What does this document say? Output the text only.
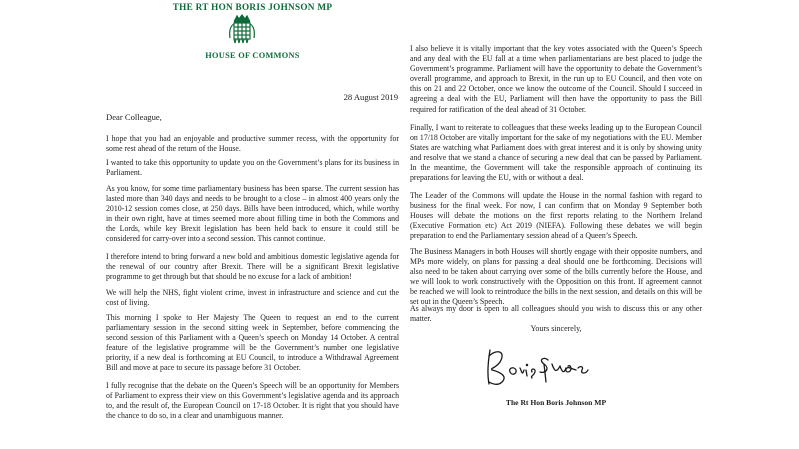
THE RT HON BORIS JOHNSON MP
HOUSE OF COMMONS
28 August 2019
Dear Colleague,

I hope that you had an enjoyable and productive summer recess, with the opportunity for some rest ahead of the return of the House.

I wanted to take this opportunity to update you on the Government’s plans for its business in Parliament.

As you know, for some time parliamentary business has been sparse. The current session has lasted more than 340 days and needs to be brought to a close – in almost 400 years only the 2010-12 session comes close, at 250 days. Bills have been introduced, which, while worthy in their own right, have at times seemed more about filling time in both the Commons and the Lords, while key Brexit legislation has been held back to ensure it could still be considered for carry-over into a second session. This cannot continue.

I therefore intend to bring forward a new bold and ambitious domestic legislative agenda for the renewal of our country after Brexit. There will be a significant Brexit legislative programme to get through but that should be no excuse for a lack of ambition!

We will help the NHS, fight violent crime, invest in infrastructure and science and cut the cost of living.

This morning I spoke to Her Majesty The Queen to request an end to the current parliamentary session in the second sitting week in September, before commencing the second session of this Parliament with a Queen’s speech on Monday 14 October. A central feature of the legislative programme will be the Government’s number one legislative priority, if a new deal is forthcoming at EU Council, to introduce a Withdrawal Agreement Bill and move at pace to secure its passage before 31 October.

I fully recognise that the debate on the Queen’s Speech will be an opportunity for Members of Parliament to express their view on this Government’s legislative agenda and its approach to, and the result of, the European Council on 17-18 October. It is right that you should have the chance to do so, in a clear and unambiguous manner.

I also believe it is vitally important that the key votes associated with the Queen’s Speech and any deal with the EU fall at a time when parliamentarians are best placed to judge the Government’s programme. Parliament will have the opportunity to debate the Government’s overall programme, and approach to Brexit, in the run up to EU Council, and then vote on this on 21 and 22 October, once we know the outcome of the Council. Should I succeed in agreeing a deal with the EU, Parliament will then have the opportunity to pass the Bill required for ratification of the deal ahead of 31 October.

Finally, I want to reiterate to colleagues that these weeks leading up to the European Council on 17/18 October are vitally important for the sake of my negotiations with the EU. Member States are watching what Parliament does with great interest and it is only by showing unity and resolve that we stand a chance of securing a new deal that can be passed by Parliament. In the meantime, the Government will take the responsible approach of continuing its preparations for leaving the EU, with or without a deal.

The Leader of the Commons will update the House in the normal fashion with regard to business for the final week. For now, I can confirm that on Monday 9 September both Houses will debate the motions on the first reports relating to the Northern Ireland (Executive Formation etc) Act 2019 (NIEFA). Following these debates we will begin preparation to end the Parliamentary session ahead of a Queen’s Speech.

The Business Managers in both Houses will shortly engage with their opposite numbers, and MPs more widely, on plans for passing a deal should one be forthcoming. Decisions will also need to be taken about carrying over some of the bills currently before the House, and we will look to work constructively with the Opposition on this front. If agreement cannot be reached we will look to reintroduce the bills in the next session, and details on this will be set out in the Queen’s Speech.

As always my door is open to all colleagues should you wish to discuss this or any other matter.

Yours sincerely,
The Rt Hon Boris Johnson MP
